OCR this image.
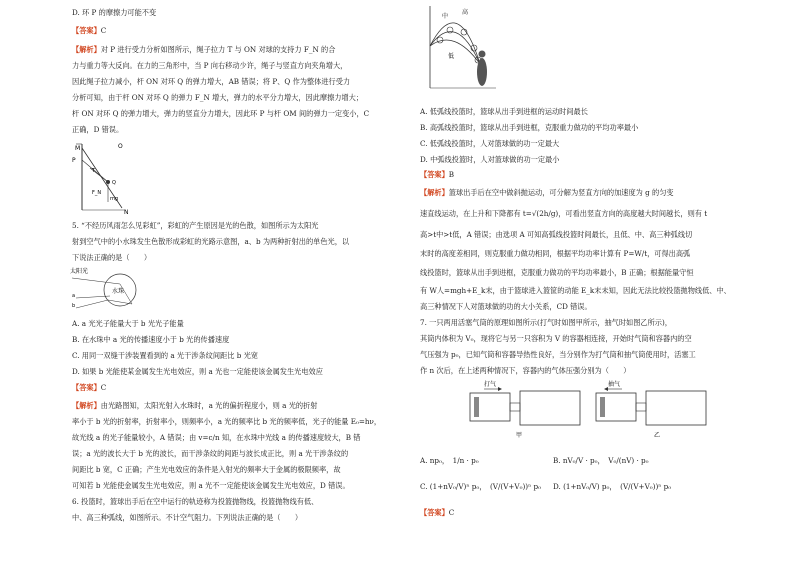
D. 环 P 的摩擦力可能不变
【答案】C
【解析】对 P 进行受力分析如图所示，绳子拉力 T 与 ON 对球的支持力 F_N 的合
力与重力等大反向。在力的三角形中，当 P 向右移动少许，绳子与竖直方向夹角增大，
因此绳子拉力减小，杆 ON 对环 Q 的弹力增大，AB 错误；将 P、Q 作为整体进行受力
分析可知，由于杆 ON 对环 Q 的弹力 F_N 增大，弹力的水平分力增大，因此摩擦力增大；
杆 ON 对环 Q 的弹力增大，弹力的竖直分力增大，因此环 P 与杆 OM 间的弹力一定变小，C
正确，D 错误。
M
P
O
N
T
mg
Q
F_N
5. “不经历风雨怎么见彩虹”，彩虹的产生原因是光的色散，如图所示为太阳光
射到空气中的小水珠发生色散形成彩虹的光路示意图，a、b 为两种折射出的单色光，以
下说法正确的是（　　）
太阳光
水珠
a
b
A. a 光光子能量大于 b 光光子能量
B. 在水珠中 a 光的传播速度小于 b 光的传播速度
C. 用同一双缝干涉装置看到的 a 光干涉条纹间距比 b 光宽
D. 如果 b 光能使某金属发生光电效应，则 a 光也一定能使该金属发生光电效应
【答案】C
【解析】由光路图知，太阳光射入水珠时，a 光的偏折程度小，则 a 光的折射
率小于 b 光的折射率，折射率小，则频率小，a 光的频率比 b 光的频率低，光子的能量 E₀=hν，
故光线 a 的光子能量较小，A 错误；由 v=c/n 知，在水珠中光线 a 的传播速度较大，B 错
误；a 光的波长大于 b 光的波长，而干涉条纹的间距与波长成正比，则 a 光干涉条纹的
间距比 b 宽，C 正确；产生光电效应的条件是入射光的频率大于金属的极限频率，故
可知若 b 光能使金属发生光电效应，则 a 光不一定能使该金属发生光电效应，D 错误。
6. 投篮时，篮球出手后在空中运行的轨迹称为投篮抛物线，投篮抛物线有低、
中、高三种弧线，如图所示。不计空气阻力。下列说法正确的是（　　）
高
中
低
A. 低弧线投篮时，篮球从出手到进框的运动时间最长
B. 高弧线投篮时，篮球从出手到进框，克服重力做功的平均功率最小
C. 低弧线投篮时，人对篮球做的功一定最大
D. 中弧线投篮时，人对篮球做的功一定最小
【答案】B
【解析】篮球出手后在空中做斜抛运动，可分解为竖直方向的加速度为 g 的匀变
速直线运动，在上升和下降都有 t=√(2h/g)，可看出竖直方向的高度越大时间越长，则有 t
高>t中>t低，A 错误；由选项 A 可知高弧线投篮时间最长，且低、中、高三种弧线切
末时的高度差相同，则克服重力做功相同，根据平均功率计算有 P=W/t，可得出高弧
线投篮时，篮球从出手到进框，克服重力做功的平均功率最小，B 正确；根据能量守恒
有 W人=mgh+E_k末，由于篮球进入篮筐的动能 E_k末未知，因此无法比较投篮拋物线低、中、
高三种情况下人对篮球做的功的大小关系，CD 错误。
7. 一只两用活塞气筒的原理如图所示(打气时如图甲所示，抽气时如图乙所示)，
其筒内体积为 V₀，现将它与另一只容积为 V 的容器相连接，开始时气筒和容器内的空
气压强为 p₀，已知气筒和容器导热性良好，当分别作为打气筒和抽气筒使用时，活塞工
作 n 次后，在上述两种情况下，容器内的气体压强分别为（　　）
打气
甲
抽气
乙
A. np₀，　1/n · p₀	B. nV₀/V · p₀，　V₀/(nV) · p₀
C. (1+nV₀/V)ⁿ p₀，　(V/(V+V₀))ⁿ p₀ D. (1+nV₀/V) p₀，　(V/(V+V₀))ⁿ p₀
【答案】C
